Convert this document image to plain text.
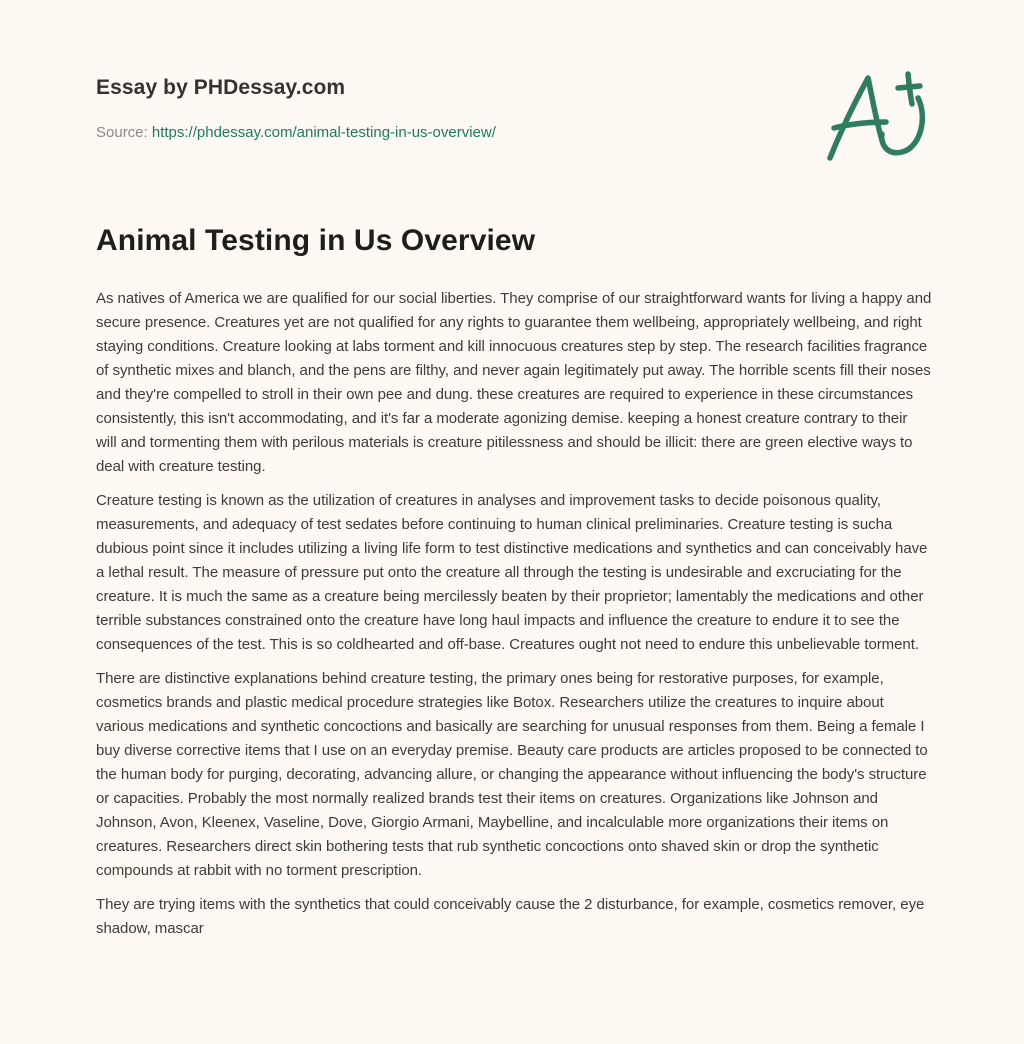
Essay by PHDessay.com
Source: https://phdessay.com/animal-testing-in-us-overview/
Animal Testing in Us Overview

As natives of America we are qualified for our social liberties. They comprise of our straightforward wants for living a happy and secure presence. Creatures yet are not qualified for any rights to guarantee them wellbeing, appropriately wellbeing, and right staying conditions. Creature looking at labs torment and kill innocuous creatures step by step. The research facilities fragrance of synthetic mixes and blanch, and the pens are filthy, and never again legitimately put away. The horrible scents fill their noses and they're compelled to stroll in their own pee and dung. these creatures are required to experience in these circumstances consistently, this isn't accommodating, and it's far a moderate agonizing demise. keeping a honest creature contrary to their will and tormenting them with perilous materials is creature pitilessness and should be illicit: there are green elective ways to deal with creature testing.

Creature testing is known as the utilization of creatures in analyses and improvement tasks to decide poisonous quality, measurements, and adequacy of test sedates before continuing to human clinical preliminaries. Creature testing is sucha dubious point since it includes utilizing a living life form to test distinctive medications and synthetics and can conceivably have a lethal result. The measure of pressure put onto the creature all through the testing is undesirable and excruciating for the creature. It is much the same as a creature being mercilessly beaten by their proprietor; lamentably the medications and other terrible substances constrained onto the creature have long haul impacts and influence the creature to endure it to see the consequences of the test. This is so coldhearted and off-base. Creatures ought not need to endure this unbelievable torment.

There are distinctive explanations behind creature testing, the primary ones being for restorative purposes, for example, cosmetics brands and plastic medical procedure strategies like Botox. Researchers utilize the creatures to inquire about various medications and synthetic concoctions and basically are searching for unusual responses from them. Being a female I buy diverse corrective items that I use on an everyday premise. Beauty care products are articles proposed to be connected to the human body for purging, decorating, advancing allure, or changing the appearance without influencing the body's structure or capacities. Probably the most normally realized brands test their items on creatures. Organizations like Johnson and Johnson, Avon, Kleenex, Vaseline, Dove, Giorgio Armani, Maybelline, and incalculable more organizations their items on creatures. Researchers direct skin bothering tests that rub synthetic concoctions onto shaved skin or drop the synthetic compounds at rabbit with no torment prescription.

They are trying items with the synthetics that could conceivably cause the 2 disturbance, for example, cosmetics remover, eye shadow, mascar
